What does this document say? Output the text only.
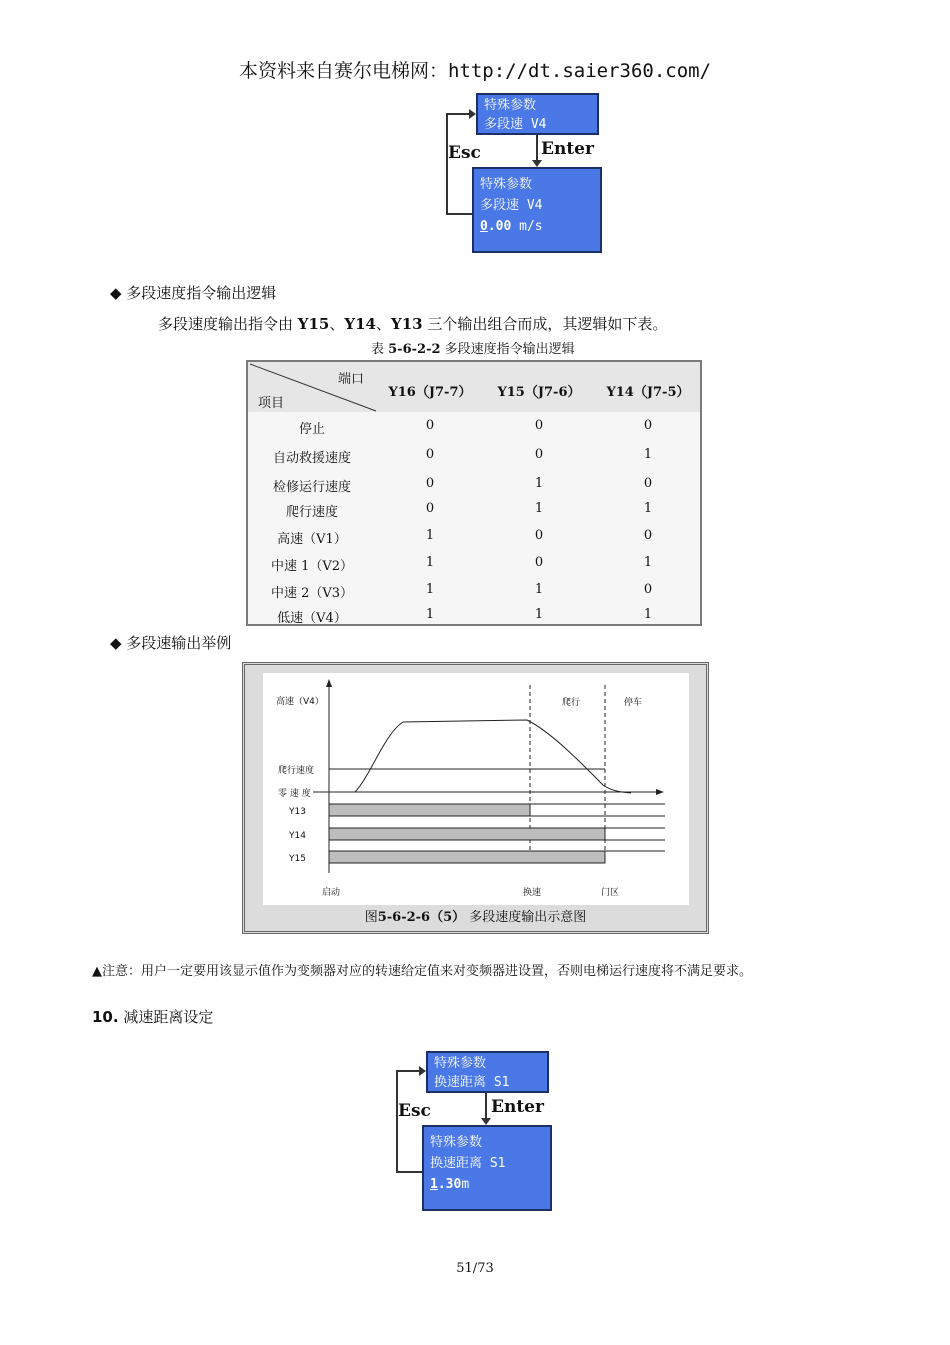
本资料来自赛尔电梯网：http://dt.saier360.com/
特殊参数
多段速 V4
Enter
Esc
特殊参数
多段速 V4
0.00 m/s
◆ 多段速度指令输出逻辑
多段速度输出指令由 Y15、Y14、Y13 三个输出组合而成，其逻辑如下表。
表 5-6-2-2 多段速度指令输出逻辑
端口
项目
Y16（J7-7）	Y15（J7-6）	Y14（J7-5）
停止	0	0	0
自动救援速度	0	0	1
检修运行速度	0	1	0
爬行速度	0	1	1
高速（V1）	1	0	0
中速 1（V2）	1	0	1
中速 2（V3）	1	1	0
低速（V4）	1	1	1
◆ 多段速输出举例
高速（V4）
爬行速度
零 速 度
Y13
Y14
Y15
爬行	停车
启动	换速	门区
图5-6-2-6（5） 多段速度输出示意图
▲注意：用户一定要用该显示值作为变频器对应的转速给定值来对变频器进设置，否则电梯运行速度将不满足要求。
10. 减速距离设定
特殊参数
换速距离 S1
Enter
Esc
特殊参数
换速距离 S1
1.30m
51/73
